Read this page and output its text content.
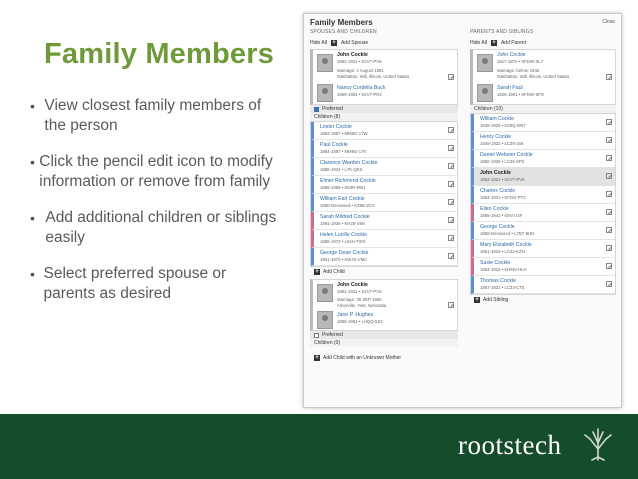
Family Members
• View closest family members of the person
• Click the pencil edit icon to modify information or remove from family
• Add additional children or siblings easily
• Select preferred spouse or parents as desired
Family Members	Close
SPOUSES AND CHILDREN	PARENTS AND SIBLINGS
Hide All + Add Spouse	Hide All + Add Parent
John Cockle
1852-1921 • K2V7-PV5
Marriage: 2 August 1881
Manhattan, Will, Illinois, United States
Nancy Cordelia Buck
1859-1904 • K2V7-PR2
Preferred
Children (8)
Lester Cockle
1882-1887 • MM8G-17W
Paul Cockle
1884-1887 • MM8G-17K
Clarence Warden Cockle
1886-1934 • L7K-QKS
Elmer Richmond Cockle
1888-1958 • K63R-9W1
William Earl Cockle
1890-Deceased • KZ6B-ZCC
Sarah Mildred Cockle
1891-1936 • KH26-V8N
Helen Lucille Cockle
1898-1972 • L64H-TWX
George Dean Cockle
1901-1970 • KWJX-VMC
+ Add Child
John Cockle
1852-1921 • K2V7-PV5
Marriage: 30 SEP 1906
Arborville, York, Nebraska
Jane P. Hughes
1865-1954 • LHQQ-5Z3
Preferred
Children (0)
+ Add Child with an Unknown Mother
John Cockle
1817-1870 • KFDW-XL7
Marriage: before 1846
Manhattan, Will, Illinois, United States
Sarah Paul
1826-1901 • KFDW-XPX
Children (10)
William Cockle
1846-1926 • K28Q-W67
Henry Cockle
1849-1922 • LC39-166
Daniel Webster Cockle
1850-1936 • LC35-SP2
John Cockle
1852-1921 • K2V7-PV5
Charles Cockle
1854-1931 • KFDG-PT2
Ellen Cockle
1855-1941 • K8VI-J4F
George Cockle
1859-Deceased • L7B7-9HD
Mary Elizabeth Cockle
1861-1915 • LC33-KZN
Susie Cockle
1864-1915 • KHMV-HLH
Thomas Cockle
1867-1931 • LC33-CT5
+ Add Sibling
rootstech
